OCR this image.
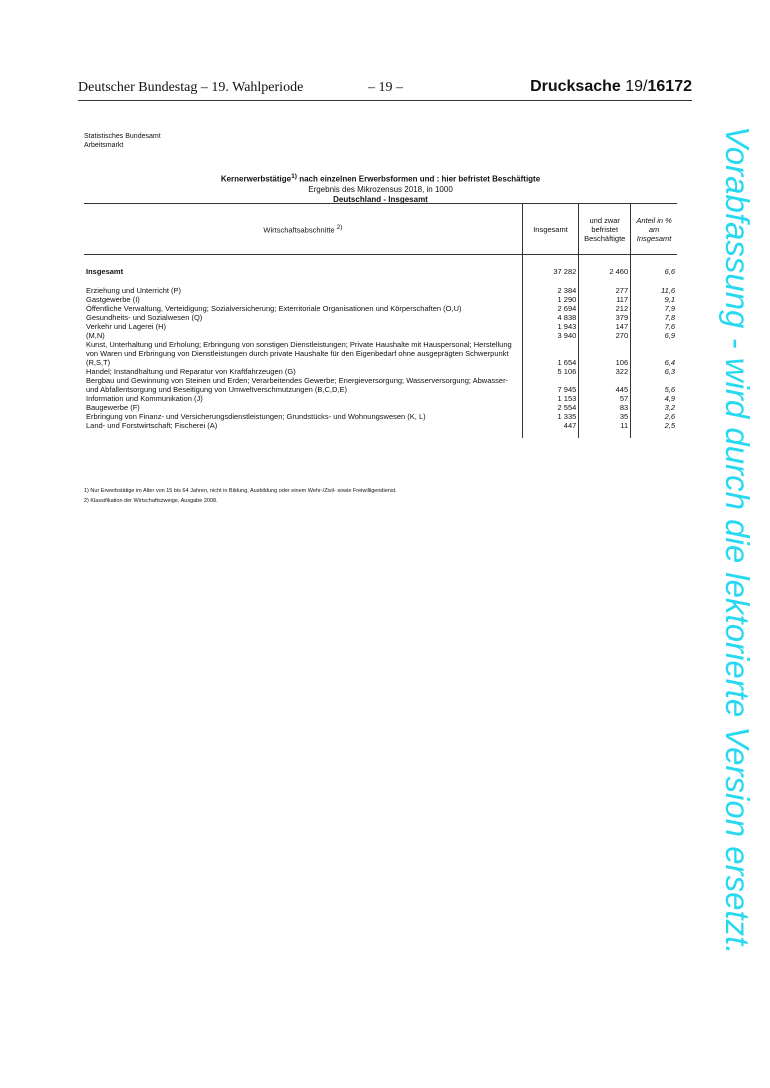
Deutscher Bundestag – 19. Wahlperiode	– 19 –	Drucksache 19/16172
Statistisches Bundesamt
Arbeitsmarkt
Kernerwerbstätige$^{1)}$ nach einzelnen Erwerbsformen und : hier befristet Beschäftigte
Ergebnis des Mikrozensus 2018, in 1000
Deutschland - Insgesamt
Wirtschaftsabschnitte $^{2)}$	Insgesamt	und zwar befristet Beschäftigte	Anteil in % am Insgesamt

Insgesamt	37 282	2 460	6,6
Erziehung und Unterricht (P)	2 384	277	11,6
Gastgewerbe (I)	1 290	117	9,1
Öffentliche Verwaltung, Verteidigung; Sozialversicherung; Exterritoriale Organisationen und Körperschaften (O,U)	2 694	212	7,9
Gesundheits- und Sozialwesen (Q)	4 838	379	7,8
Verkehr und Lagerei (H)	1 943	147	7,6
(M,N)	3 940	270	6,9
Kunst, Unterhaltung und Erholung; Erbringung von sonstigen Dienstleistungen; Private Haushalte mit Hauspersonal; Herstellung von Waren und Erbringung von Dienstleistungen durch private Haushalte für den Eigenbedarf ohne ausgeprägten Schwerpunkt (R,S,T)	1 654	106	6,4
Handel; Instandhaltung und Reparatur von Kraftfahrzeugen (G)	5 106	322	6,3
Bergbau und Gewinnung von Steinen und Erden; Verarbeitendes Gewerbe; Energieversorgung; Wasserversorgung; Abwasser- und Abfallentsorgung und Beseitigung von Umweltverschmutzungen (B,C,D,E)	7 945	445	5,6
Information und Kommunikation (J)	1 153	57	4,9
Baugewerbe (F)	2 554	83	3,2
Erbringung von Finanz- und Versicherungsdienstleistungen; Grundstücks- und Wohnungswesen (K, L)	1 335	35	2,6
Land- und Forstwirtschaft; Fischerei (A)	447	11	2,5
1) Nur Erwerbstätige im Alter von 15 bis 64 Jahren, nicht in Bildung, Ausbildung oder einem Wehr-/Zivil- sowie Freiwilligendienst.
2) Klassifikation der Wirtschaftszweige, Ausgabe 2008.	Vorabfassung - wird durch die lektorierte Version ersetzt.
